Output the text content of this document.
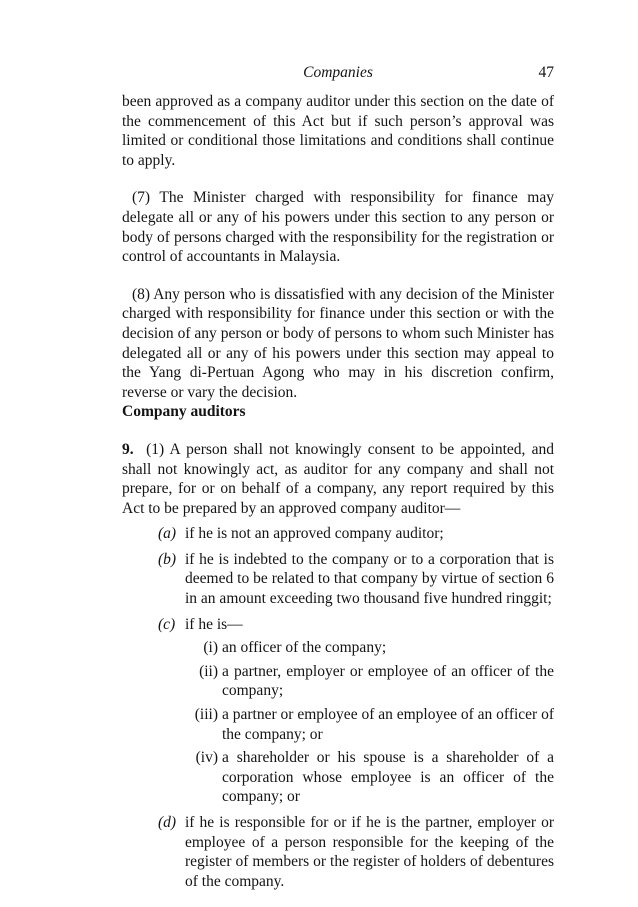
Companies	47

been approved as a company auditor under this section on the date of the commencement of this Act but if such person’s approval was limited or conditional those limitations and conditions shall continue to apply.

(7) The Minister charged with responsibility for finance may delegate all or any of his powers under this section to any person or body of persons charged with the responsibility for the registration or control of accountants in Malaysia.

(8) Any person who is dissatisfied with any decision of the Minister charged with responsibility for finance under this section or with the decision of any person or body of persons to whom such Minister has delegated all or any of his powers under this section may appeal to the Yang di-Pertuan Agong who may in his discretion confirm, reverse or vary the decision.

Company auditors

9. (1) A person shall not knowingly consent to be appointed, and shall not knowingly act, as auditor for any company and shall not prepare, for or on behalf of a company, any report required by this Act to be prepared by an approved company auditor—

(a) if he is not an approved company auditor;
(b) if he is indebted to the company or to a corporation that is deemed to be related to that company by virtue of section 6 in an amount exceeding two thousand five hundred ringgit;
(c) if he is—
(i) an officer of the company;
(ii) a partner, employer or employee of an officer of the company;
(iii) a partner or employee of an employee of an officer of the company; or
(iv) a shareholder or his spouse is a shareholder of a corporation whose employee is an officer of the company; or
(d) if he is responsible for or if he is the partner, employer or employee of a person responsible for the keeping of the register of members or the register of holders of debentures of the company.
